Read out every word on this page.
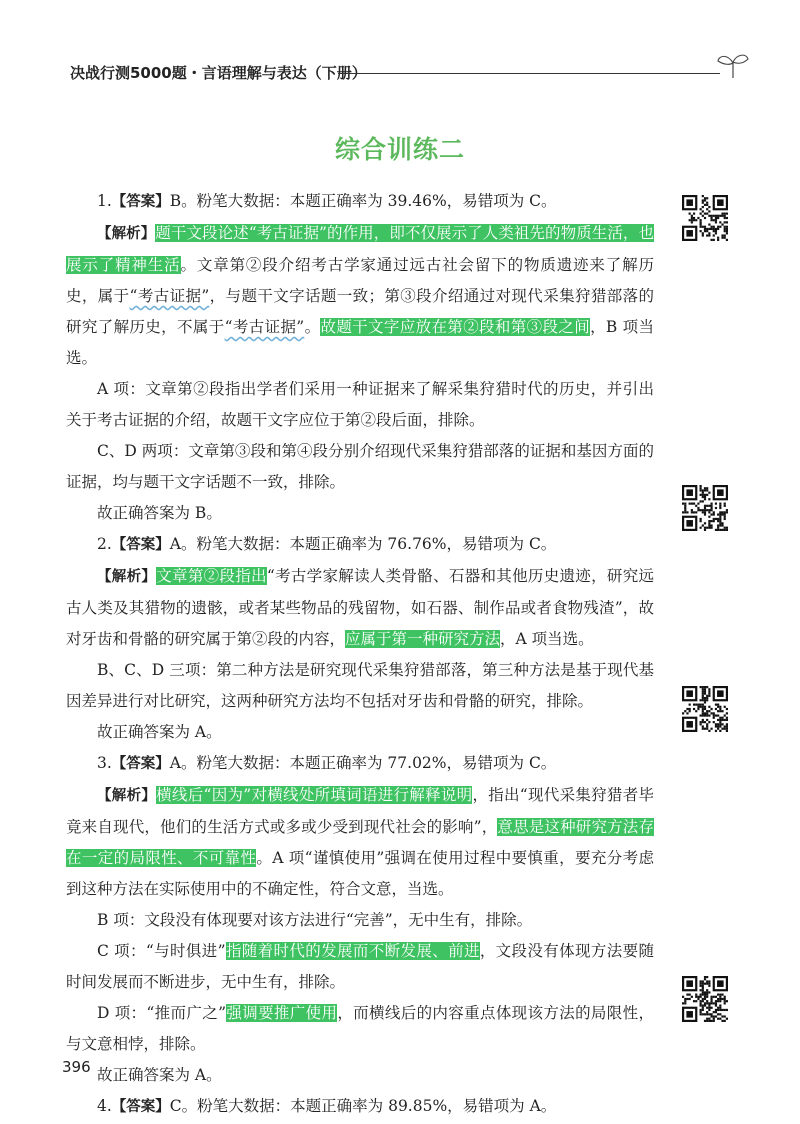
决战行测5000题・言语理解与表达（下册）
综合训练二

1.【答案】B。粉笔大数据：本题正确率为 39.46%，易错项为 C。

【解析】题干文段论述“考古证据”的作用，即不仅展示了人类祖先的物质生活，也展示了精神生活。文章第②段介绍考古学家通过远古社会留下的物质遗迹来了解历史，属于“考古证据”，与题干文字话题一致；第③段介绍通过对现代采集狩猎部落的研究了解历史，不属于“考古证据”。故题干文字应放在第②段和第③段之间，B 项当选。

A 项：文章第②段指出学者们采用一种证据来了解采集狩猎时代的历史，并引出关于考古证据的介绍，故题干文字应位于第②段后面，排除。

C、D 两项：文章第③段和第④段分别介绍现代采集狩猎部落的证据和基因方面的证据，均与题干文字话题不一致，排除。

故正确答案为 B。

2.【答案】A。粉笔大数据：本题正确率为 76.76%，易错项为 C。

【解析】文章第②段指出“考古学家解读人类骨骼、石器和其他历史遗迹，研究远古人类及其猎物的遗骸，或者某些物品的残留物，如石器、制作品或者食物残渣”，故对牙齿和骨骼的研究属于第②段的内容，应属于第一种研究方法，A 项当选。

B、C、D 三项：第二种方法是研究现代采集狩猎部落，第三种方法是基于现代基因差异进行对比研究，这两种研究方法均不包括对牙齿和骨骼的研究，排除。

故正确答案为 A。

3.【答案】A。粉笔大数据：本题正确率为 77.02%，易错项为 C。

【解析】横线后“因为”对横线处所填词语进行解释说明，指出“现代采集狩猎者毕竟来自现代，他们的生活方式或多或少受到现代社会的影响”，意思是这种研究方法存在一定的局限性、不可靠性。A 项“谨慎使用”强调在使用过程中要慎重，要充分考虑到这种方法在实际使用中的不确定性，符合文意，当选。

B 项：文段没有体现要对该方法进行“完善”，无中生有，排除。

C 项：“与时俱进”指随着时代的发展而不断发展、前进，文段没有体现方法要随时间发展而不断进步，无中生有，排除。

D 项：“推而广之”强调要推广使用，而横线后的内容重点体现该方法的局限性，与文意相悖，排除。

故正确答案为 A。

4.【答案】C。粉笔大数据：本题正确率为 89.85%，易错项为 A。

396
